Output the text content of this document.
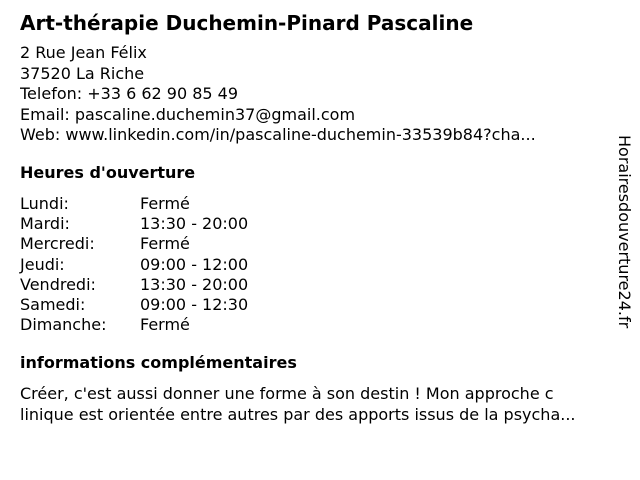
Art-thérapie Duchemin-Pinard Pascaline
2 Rue Jean Félix
37520 La Riche
Telefon: +33 6 62 90 85 49
Email: pascaline.duchemin37@gmail.com
Web: www.linkedin.com/in/pascaline-duchemin-33539b84?cha...
Heures d'ouverture
Lundi:	Fermé
Mardi:	13:30 - 20:00
Mercredi:	Fermé
Jeudi:	09:00 - 12:00
Vendredi:	13:30 - 20:00
Samedi:	09:00 - 12:30
Dimanche:	Fermé
informations complémentaires
Créer, c'est aussi donner une forme à son destin ! Mon approche c
linique est orientée entre autres par des apports issus de la psycha...
Horairesdouverture24.fr
